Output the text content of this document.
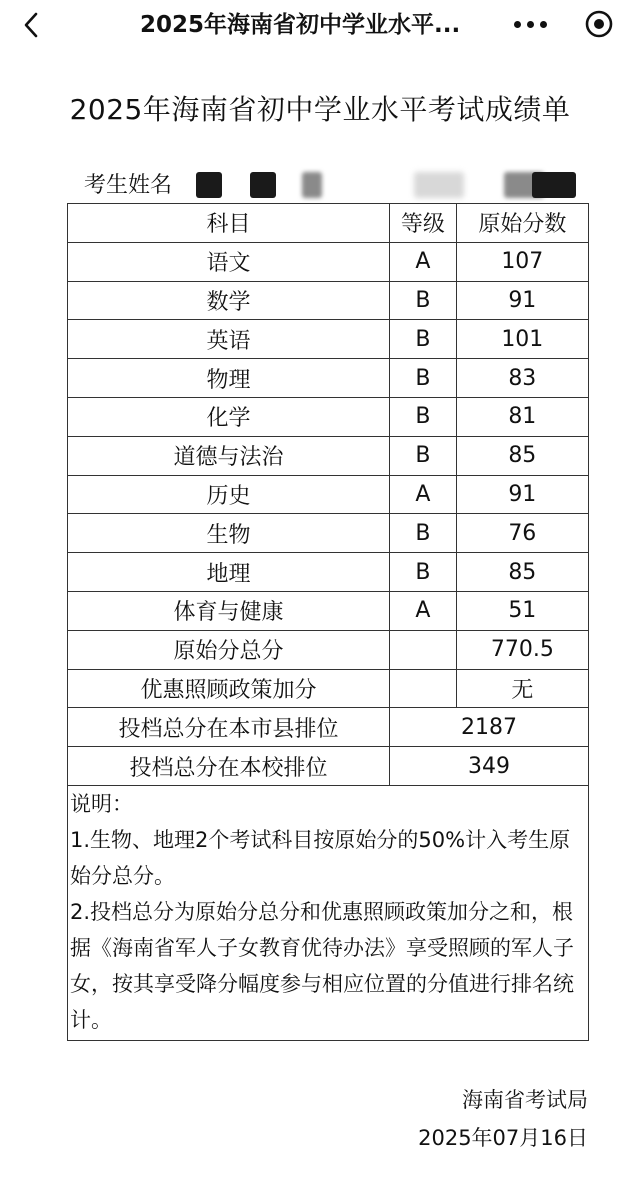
2025年海南省初中学业水平...
2025年海南省初中学业水平考试成绩单
考生姓名
科目	等级	原始分数
语文	A	107
数学	B	91
英语	B	101
物理	B	83
化学	B	81
道德与法治	B	85
历史	A	91
生物	B	76
地理	B	85
体育与健康	A	51
原始分总分		770.5
优惠照顾政策加分		无
投档总分在本市县排位	2187	
投档总分在本校排位	349	

说明：

1.生物、地理2个考试科目按原始分的50%计入考生原始分总分。

2.投档总分为原始分总分和优惠照顾政策加分之和，根据《海南省军人子女教育优待办法》享受照顾的军人子女，按其享受降分幅度参与相应位置的分值进行排名统计。

海南省考试局
2025年07月16日
